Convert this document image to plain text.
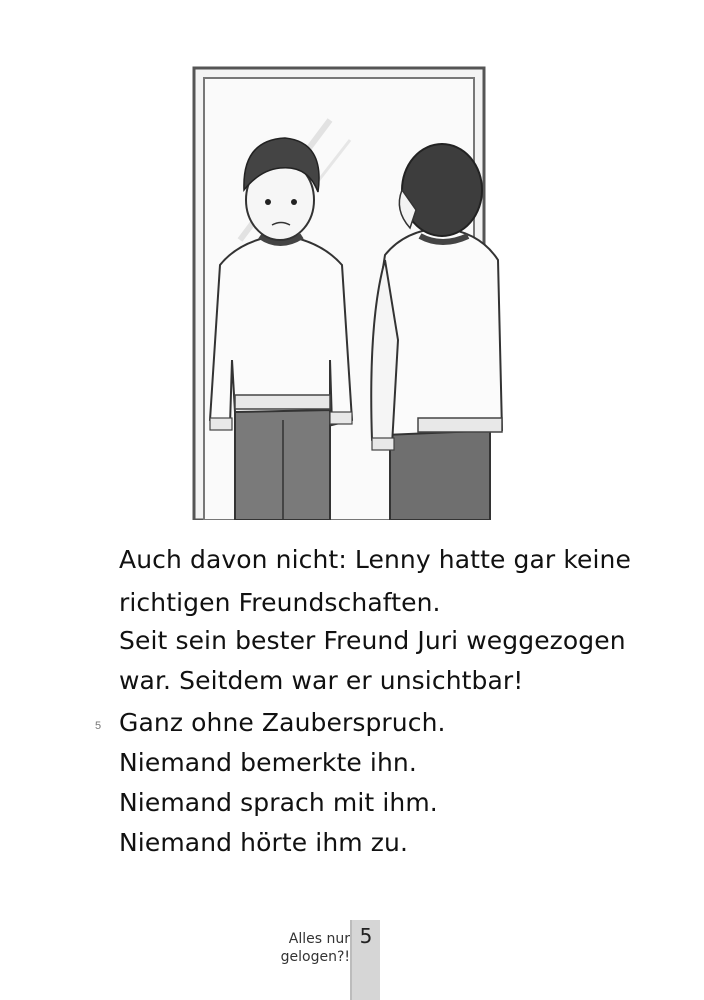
Auch davon nicht: Lenny hatte gar keine
richtigen Freundschaften.
Seit sein bester Freund Juri weggezogen
war. Seitdem war er unsichtbar!
Ganz ohne Zauberspruch.
Niemand bemerkte ihn.
Niemand sprach mit ihm.
Niemand hörte ihm zu.
5
Alles nur
gelogen?!
5
